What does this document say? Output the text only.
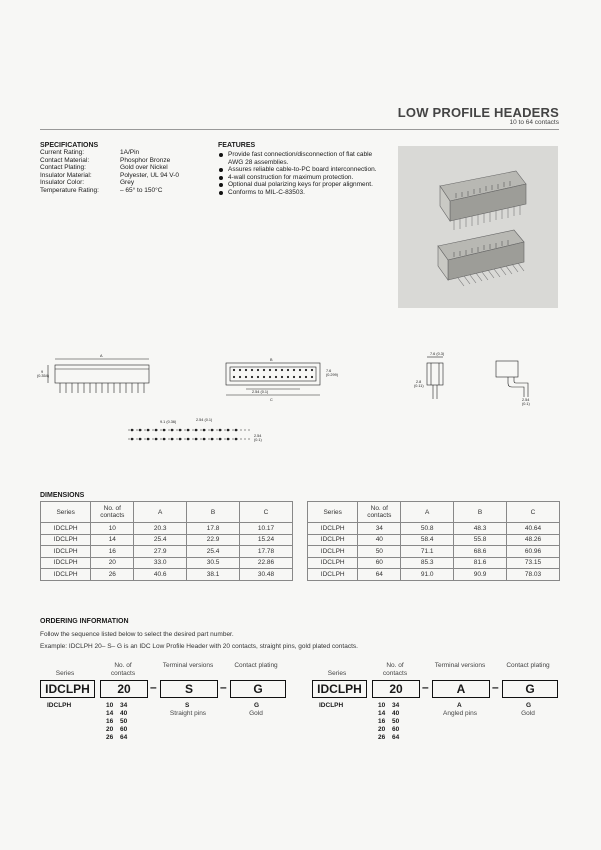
LOW PROFILE HEADERS
10 to 64 contacts
SPECIFICATIONS
Current Rating:	1A/Pin
Contact Material:	Phosphor Bronze
Contact Plating:	Gold over Nickel
Insulator Material:	Polyester, UL 94 V-0
Insulator Color:	Grey
Temperature Rating:	– 65° to 150°C
FEATURES
Provide fast connection/disconnection of flat cable AWG 28 assemblies.
Assures reliable cable-to-PC board interconnection.
4-wall construction for maximum protection.
Optional dual polarizing keys for proper alignment.
Conforms to MIL-C-83503.
A
9
(0.354)
B
C
2.54 (0.1)
7.6
(0.299)
2.8
(0.11)
7.6 (0.3)
2.54
(0.1)
9.1 (0.36)	2.54 (0.1)
2.54
(0.1)
DIMENSIONS
Series	No. of contacts	A	B	C
IDCLPH	10	20.3	17.8	10.17
IDCLPH	14	25.4	22.9	15.24
IDCLPH	16	27.9	25.4	17.78
IDCLPH	20	33.0	30.5	22.86
IDCLPH	26	40.6	38.1	30.48
Series	No. of contacts	A	B	C
IDCLPH	34	50.8	48.3	40.64
IDCLPH	40	58.4	55.8	48.26
IDCLPH	50	71.1	68.6	60.96
IDCLPH	60	85.3	81.6	73.15
IDCLPH	64	91.0	90.9	78.03
ORDERING INFORMATION
Follow the sequence listed below to select the desired part number.
Example: IDCLPH 20– S– G is an IDC Low Profile Header with 20 contacts, straight pins, gold plated contacts.
Series
No. of contacts
Terminal versions	Contact plating
IDCLPH	20	–	S	–	G
IDCLPH	10 34
14 40
16 50
20 60
26 64
S
Straight pins
G
Gold
Series
No. of contacts
Terminal versions	Contact plating
IDCLPH	20	–	A	–	G
IDCLPH	10 34
14 40
16 50
20 60
26 64
A
Angled pins
G
Gold
